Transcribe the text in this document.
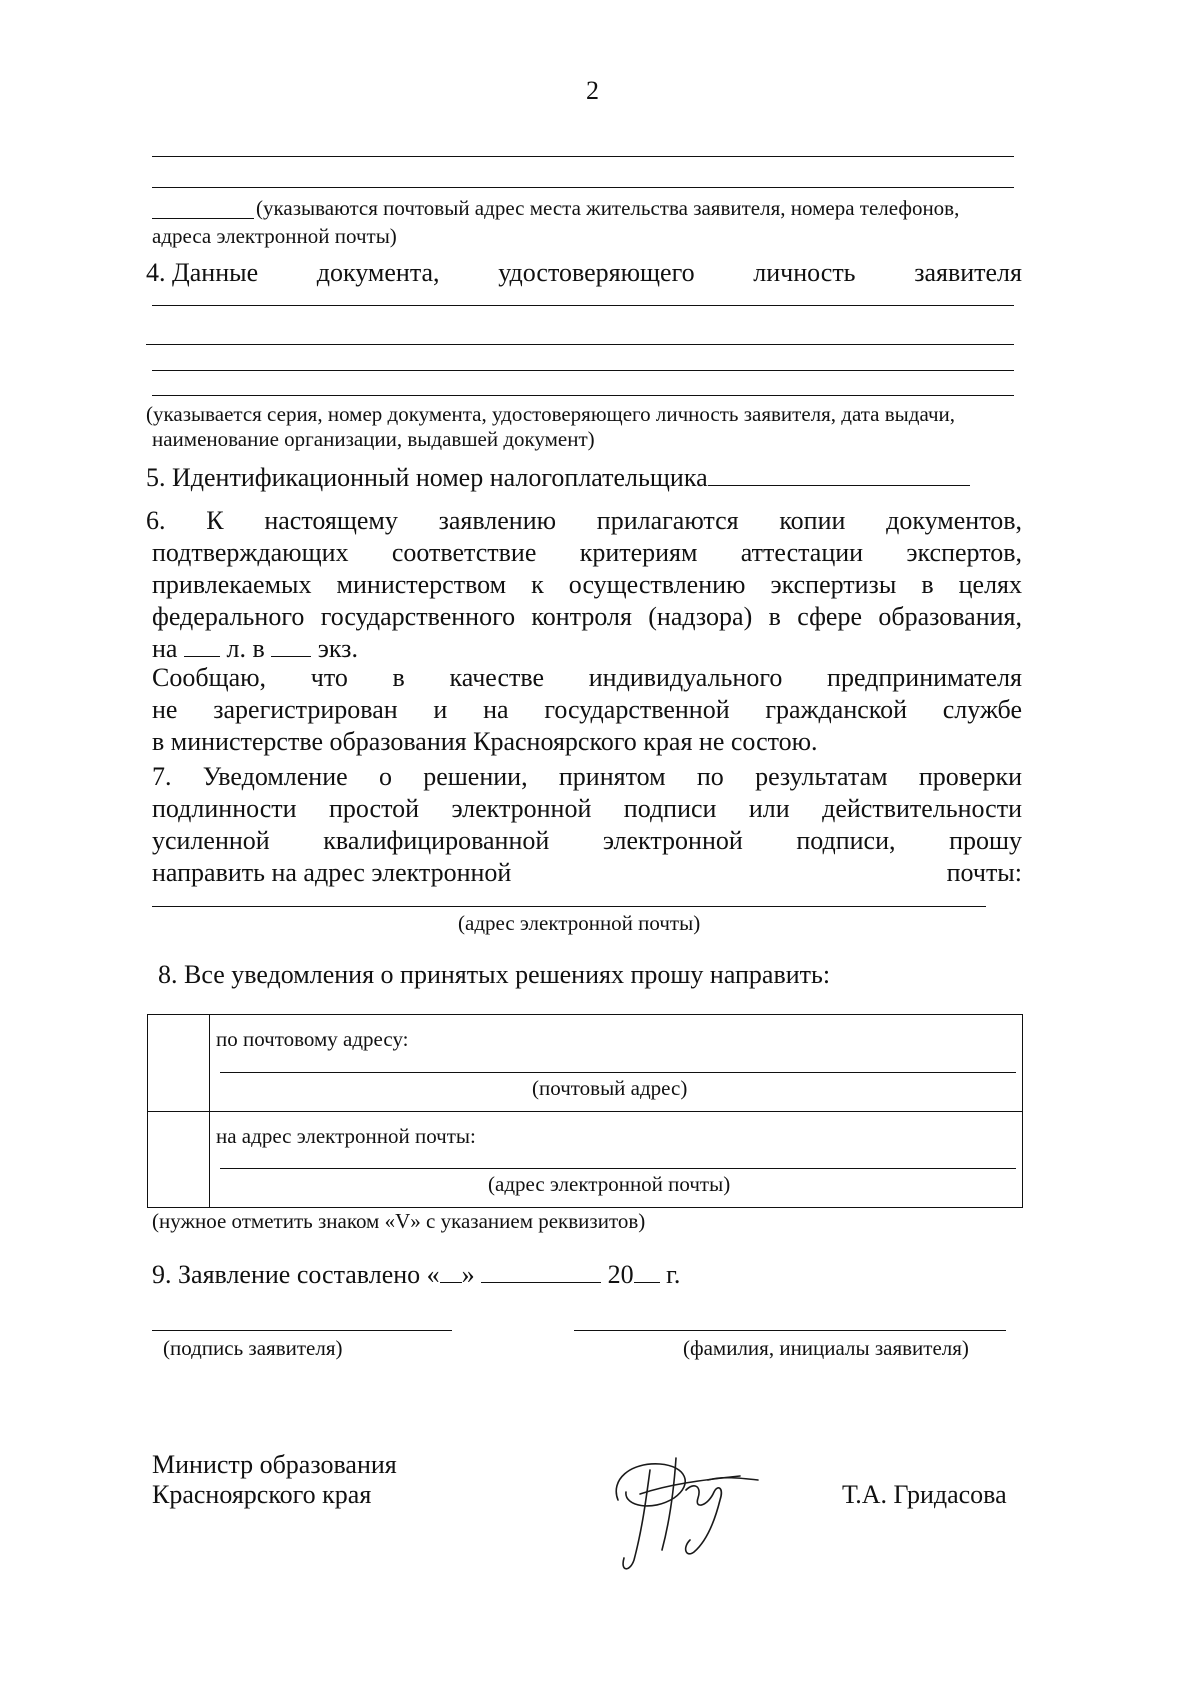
2
(указываются почтовый адрес места жительства заявителя, номера телефонов,
адреса электронной почты)
4. Данные документа, удостоверяющего личность заявителя
(указывается серия, номер документа, удостоверяющего личность заявителя, дата выдачи,
наименование организации, выдавшей документ)
5. Идентификационный номер налогоплательщика
6. К настоящему заявлению прилагаются копии документов,
подтверждающих соответствие критериям аттестации экспертов,
привлекаемых министерством к осуществлению экспертизы в целях
федерального государственного контроля (надзора) в сфере образования,
на л. в экз.
Сообщаю, что в качестве индивидуального предпринимателя
не зарегистрирован и на государственной гражданской службе
в министерстве образования Красноярского края не состою.
7. Уведомление о решении, принятом по результатам проверки
подлинности простой электронной подписи или действительности
усиленной квалифицированной электронной подписи, прошу
направить на адрес электронной	почты:
(адрес электронной почты)
8. Все уведомления о принятых решениях прошу направить:

	по почтовому адресу:
(почтовый адрес)

	на адрес электронной почты:
(адрес электронной почты)
(нужное отметить знаком «V» с указанием реквизитов)
9. Заявление составлено « »	20 г.
(подпись заявителя)	(фамилия, инициалы заявителя)
Министр образования
Красноярского края	Т.А. Гридасова
